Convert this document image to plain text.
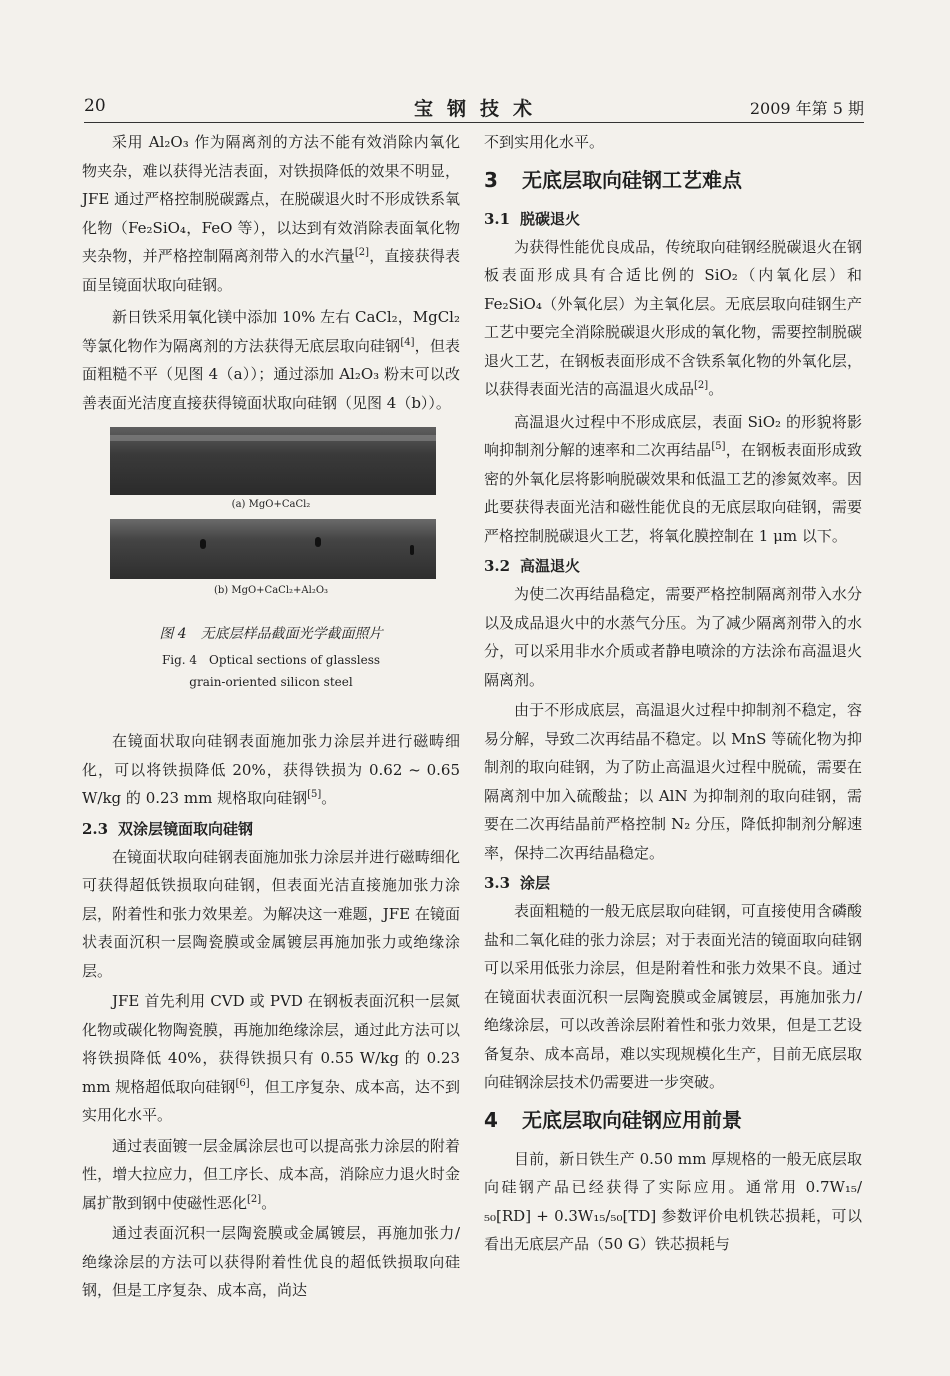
20	宝钢技术	2009 年第 5 期

采用 Al₂O₃ 作为隔离剂的方法不能有效消除内氧化物夹杂，难以获得光洁表面，对铁损降低的效果不明显，JFE 通过严格控制脱碳露点，在脱碳退火时不形成铁系氧化物（Fe₂SiO₄，FeO 等），以达到有效消除表面氧化物夹杂物，并严格控制隔离剂带入的水汽量[2]，直接获得表面呈镜面状取向硅钢。

新日铁采用氧化镁中添加 10% 左右 CaCl₂，MgCl₂ 等氯化物作为隔离剂的方法获得无底层取向硅钢[4]，但表面粗糙不平（见图 4（a））；通过添加 Al₂O₃ 粉末可以改善表面光洁度直接获得镜面状取向硅钢（见图 4（b））。

(a) MgO+CaCl₂
(b) MgO+CaCl₂+Al₂O₃
图 4　无底层样品截面光学截面照片
Fig. 4　Optical sections of glassless
grain-oriented silicon steel

在镜面状取向硅钢表面施加张力涂层并进行磁畴细化，可以将铁损降低 20%，获得铁损为 0.62 ~ 0.65 W/kg 的 0.23 mm 规格取向硅钢[5]。

2.3 双涂层镜面取向硅钢

在镜面状取向硅钢表面施加张力涂层并进行磁畴细化可获得超低铁损取向硅钢，但表面光洁直接施加张力涂层，附着性和张力效果差。为解决这一难题，JFE 在镜面状表面沉积一层陶瓷膜或金属镀层再施加张力或绝缘涂层。

JFE 首先利用 CVD 或 PVD 在钢板表面沉积一层氮化物或碳化物陶瓷膜，再施加绝缘涂层，通过此方法可以将铁损降低 40%，获得铁损只有 0.55 W/kg 的 0.23 mm 规格超低取向硅钢[6]，但工序复杂、成本高，达不到实用化水平。

通过表面镀一层金属涂层也可以提高张力涂层的附着性，增大拉应力，但工序长、成本高，消除应力退火时金属扩散到钢中使磁性恶化[2]。

通过表面沉积一层陶瓷膜或金属镀层，再施加张力/绝缘涂层的方法可以获得附着性优良的超低铁损取向硅钢，但是工序复杂、成本高，尚达

不到实用化水平。

3 无底层取向硅钢工艺难点
3.1 脱碳退火

为获得性能优良成品，传统取向硅钢经脱碳退火在钢板表面形成具有合适比例的 SiO₂（内氧化层）和 Fe₂SiO₄（外氧化层）为主氧化层。无底层取向硅钢生产工艺中要完全消除脱碳退火形成的氧化物，需要控制脱碳退火工艺，在钢板表面形成不含铁系氧化物的外氧化层，以获得表面光洁的高温退火成品[2]。

高温退火过程中不形成底层，表面 SiO₂ 的形貌将影响抑制剂分解的速率和二次再结晶[5]，在钢板表面形成致密的外氧化层将影响脱碳效果和低温工艺的渗氮效率。因此要获得表面光洁和磁性能优良的无底层取向硅钢，需要严格控制脱碳退火工艺，将氧化膜控制在 1 μm 以下。

3.2 高温退火

为使二次再结晶稳定，需要严格控制隔离剂带入水分以及成品退火中的水蒸气分压。为了减少隔离剂带入的水分，可以采用非水介质或者静电喷涂的方法涂布高温退火隔离剂。

由于不形成底层，高温退火过程中抑制剂不稳定，容易分解，导致二次再结晶不稳定。以 MnS 等硫化物为抑制剂的取向硅钢，为了防止高温退火过程中脱硫，需要在隔离剂中加入硫酸盐；以 AlN 为抑制剂的取向硅钢，需要在二次再结晶前严格控制 N₂ 分压，降低抑制剂分解速率，保持二次再结晶稳定。

3.3 涂层

表面粗糙的一般无底层取向硅钢，可直接使用含磷酸盐和二氧化硅的张力涂层；对于表面光洁的镜面取向硅钢可以采用低张力涂层，但是附着性和张力效果不良。通过在镜面状表面沉积一层陶瓷膜或金属镀层，再施加张力/绝缘涂层，可以改善涂层附着性和张力效果，但是工艺设备复杂、成本高昂，难以实现规模化生产，目前无底层取向硅钢涂层技术仍需要进一步突破。

4 无底层取向硅钢应用前景

目前，新日铁生产 0.50 mm 厚规格的一般无底层取向硅钢产品已经获得了实际应用。通常用 0.7W₁₅/₅₀[RD] + 0.3W₁₅/₅₀[TD] 参数评价电机铁芯损耗，可以看出无底层产品（50 G）铁芯损耗与
